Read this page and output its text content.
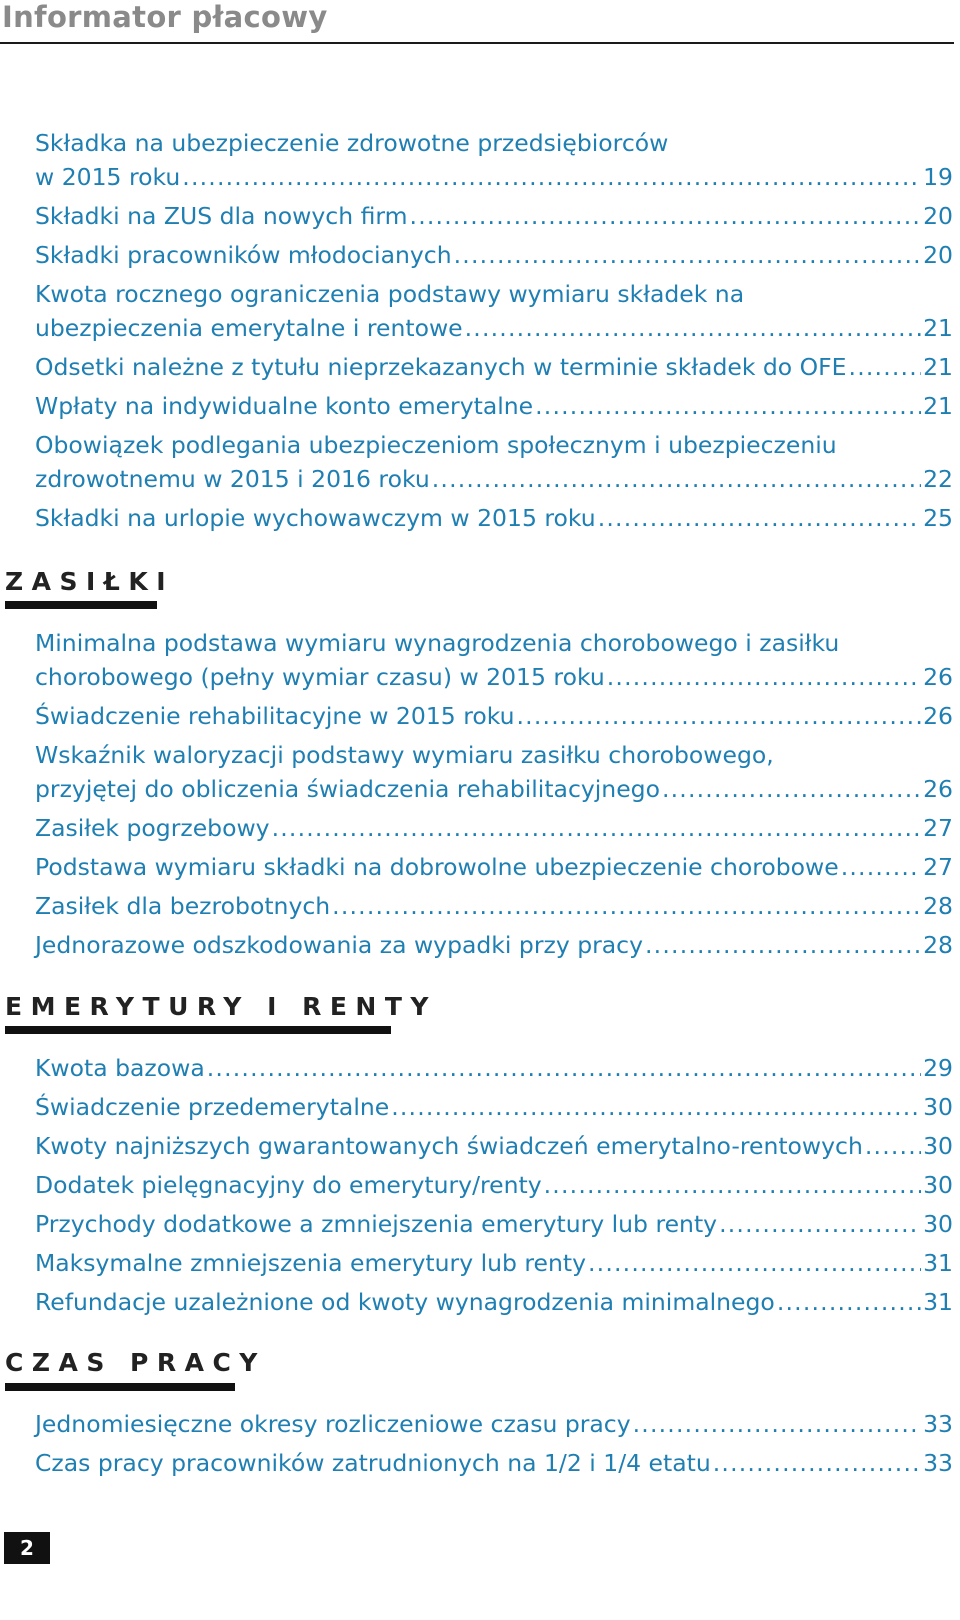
Informator płacowy
Składka na ubezpieczenie zdrowotne przedsiębiorców
w 2015 roku .....	19
Składki na ZUS dla nowych firm .....	20
Składki pracowników młodocianych .....	20
Kwota rocznego ograniczenia podstawy wymiaru składek na
ubezpieczenia emerytalne i rentowe .....	21
Odsetki należne z tytułu nieprzekazanych w terminie składek do OFE .....	21
Wpłaty na indywidualne konto emerytalne .....	21
Obowiązek podlegania ubezpieczeniom społecznym i ubezpieczeniu
zdrowotnemu w 2015 i 2016 roku .....	22
Składki na urlopie wychowawczym w 2015 roku .....	25
ZASIŁKI
Minimalna podstawa wymiaru wynagrodzenia chorobowego i zasiłku
chorobowego (pełny wymiar czasu) w 2015 roku .....	26
Świadczenie rehabilitacyjne w 2015 roku .....	26
Wskaźnik waloryzacji podstawy wymiaru zasiłku chorobowego,
przyjętej do obliczenia świadczenia rehabilitacyjnego .....	26
Zasiłek pogrzebowy .....	27
Podstawa wymiaru składki na dobrowolne ubezpieczenie chorobowe .....	27
Zasiłek dla bezrobotnych .....	28
Jednorazowe odszkodowania za wypadki przy pracy .....	28
EMERYTURY I RENTY
Kwota bazowa .....	29
Świadczenie przedemerytalne .....	30
Kwoty najniższych gwarantowanych świadczeń emerytalno-rentowych .....	30
Dodatek pielęgnacyjny do emerytury/renty .....	30
Przychody dodatkowe a zmniejszenia emerytury lub renty .....	30
Maksymalne zmniejszenia emerytury lub renty .....	31
Refundacje uzależnione od kwoty wynagrodzenia minimalnego .....	31
CZAS PRACY
Jednomiesięczne okresy rozliczeniowe czasu pracy .....	33
Czas pracy pracowników zatrudnionych na 1/2 i 1/4 etatu .....	33
2
